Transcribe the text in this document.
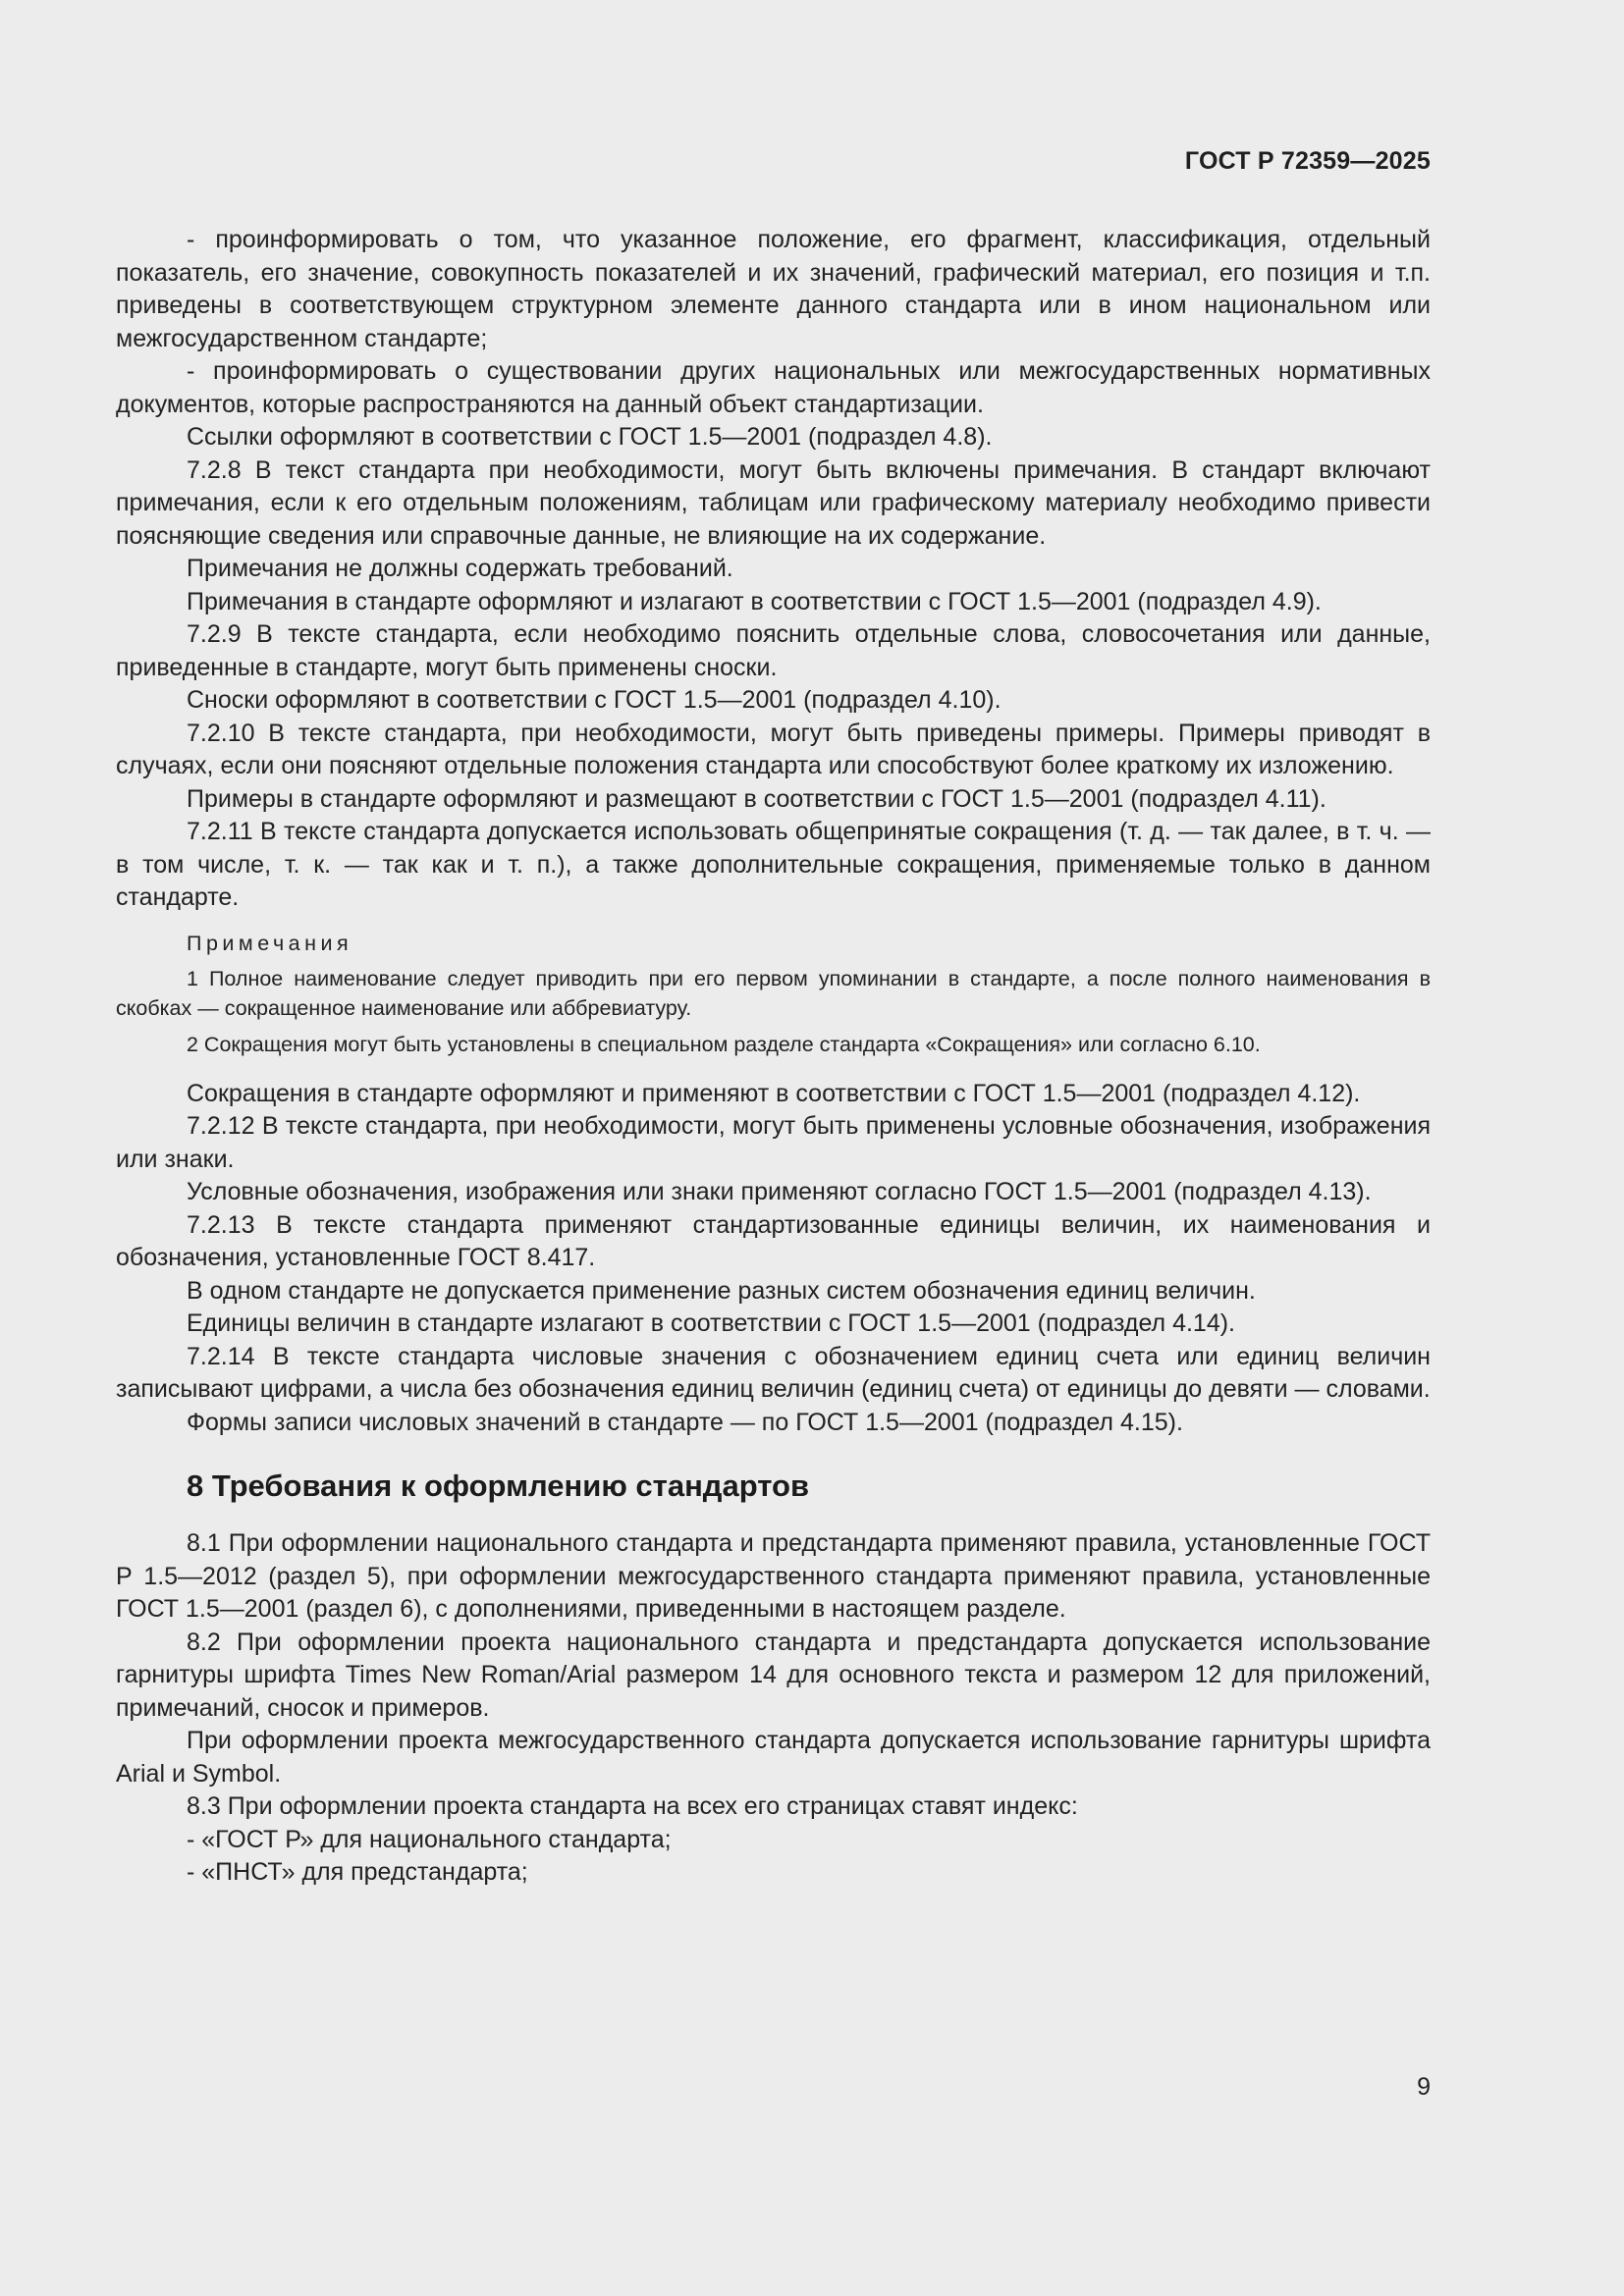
ГОСТ Р 72359—2025

- проинформировать о том, что указанное положение, его фрагмент, классификация, отдельный показатель, его значение, совокупность показателей и их значений, графический материал, его позиция и т.п. приведены в соответствующем структурном элементе данного стандарта или в ином национальном или межгосударственном стандарте;

- проинформировать о существовании других национальных или межгосударственных нормативных документов, которые распространяются на данный объект стандартизации.

Ссылки оформляют в соответствии с ГОСТ 1.5—2001 (подраздел 4.8).

7.2.8 В текст стандарта при необходимости, могут быть включены примечания. В стандарт включают примечания, если к его отдельным положениям, таблицам или графическому материалу необходимо привести поясняющие сведения или справочные данные, не влияющие на их содержание.

Примечания не должны содержать требований.

Примечания в стандарте оформляют и излагают в соответствии с ГОСТ 1.5—2001 (подраздел 4.9).

7.2.9 В тексте стандарта, если необходимо пояснить отдельные слова, словосочетания или данные, приведенные в стандарте, могут быть применены сноски.

Сноски оформляют в соответствии с ГОСТ 1.5—2001 (подраздел 4.10).

7.2.10 В тексте стандарта, при необходимости, могут быть приведены примеры. Примеры приводят в случаях, если они поясняют отдельные положения стандарта или способствуют более краткому их изложению.

Примеры в стандарте оформляют и размещают в соответствии с ГОСТ 1.5—2001 (подраздел 4.11).

7.2.11 В тексте стандарта допускается использовать общепринятые сокращения (т. д. — так далее, в т. ч. — в том числе, т. к. — так как и т. п.), а также дополнительные сокращения, применяемые только в данном стандарте.

Примечания

1 Полное наименование следует приводить при его первом упоминании в стандарте, а после полного наименования в скобках — сокращенное наименование или аббревиатуру.

2 Сокращения могут быть установлены в специальном разделе стандарта «Сокращения» или согласно 6.10.

Сокращения в стандарте оформляют и применяют в соответствии с ГОСТ 1.5—2001 (подраздел 4.12).

7.2.12 В тексте стандарта, при необходимости, могут быть применены условные обозначения, изображения или знаки.

Условные обозначения, изображения или знаки применяют согласно ГОСТ 1.5—2001 (подраздел 4.13).

7.2.13 В тексте стандарта применяют стандартизованные единицы величин, их наименования и обозначения, установленные ГОСТ 8.417.

В одном стандарте не допускается применение разных систем обозначения единиц величин.

Единицы величин в стандарте излагают в соответствии с ГОСТ 1.5—2001 (подраздел 4.14).

7.2.14 В тексте стандарта числовые значения с обозначением единиц счета или единиц величин записывают цифрами, а числа без обозначения единиц величин (единиц счета) от единицы до девяти — словами.

Формы записи числовых значений в стандарте — по ГОСТ 1.5—2001 (подраздел 4.15).

8 Требования к оформлению стандартов

8.1 При оформлении национального стандарта и предстандарта применяют правила, установленные ГОСТ Р 1.5—2012 (раздел 5), при оформлении межгосударственного стандарта применяют правила, установленные ГОСТ 1.5—2001 (раздел 6), с дополнениями, приведенными в настоящем разделе.

8.2 При оформлении проекта национального стандарта и предстандарта допускается использование гарнитуры шрифта Times New Roman/Arial размером 14 для основного текста и размером 12 для приложений, примечаний, сносок и примеров.

При оформлении проекта межгосударственного стандарта допускается использование гарнитуры шрифта Arial и Symbol.

8.3 При оформлении проекта стандарта на всех его страницах ставят индекс:

- «ГОСТ Р» для национального стандарта;

- «ПНСТ» для предстандарта;

9
